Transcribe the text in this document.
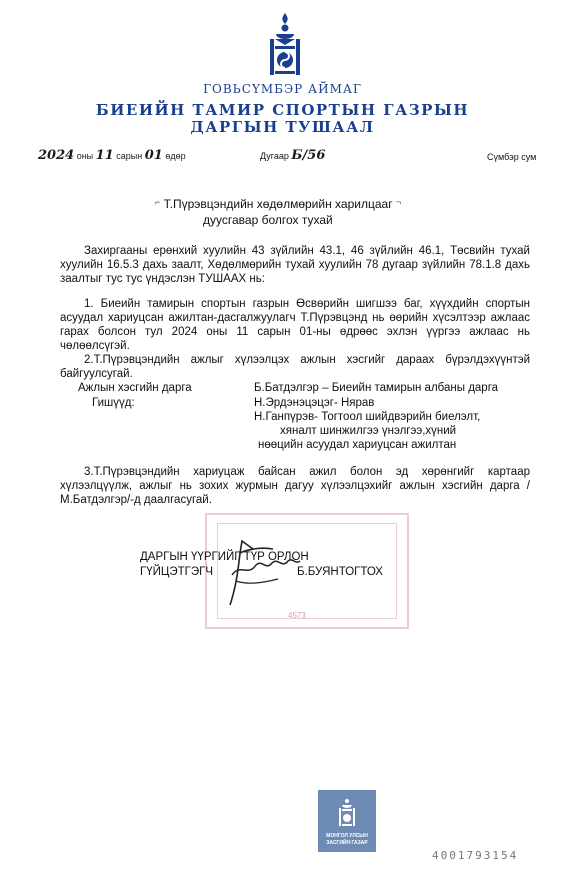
ГОВЬСҮМБЭР АЙМАГ
БИЕИЙН ТАМИР СПОРТЫН ГАЗРЫН
ДАРГЫН ТУШААЛ
2024 оны 11 сарын 01 өдөр	Дугаар Б/56	Сүмбэр сум
⌐ Т.Пүрэвцэндийн хөдөлмөрийн харилцааг ¬
дуусгавар болгох тухай
Захиргааны ерөнхий хуулийн 43 зүйлийн 43.1, 46 зүйлийн 46.1, Төсвийн тухай хуулийн 16.5.3 дахь заалт, Хөдөлмөрийн тухай хуулийн 78 дугаар зүйлийн 78.1.8 дахь заалтыг тус тус үндэслэн ТУШААХ нь:
1. Биеийн тамирын спортын газрын Өсвөрийн шигшээ баг, хүүхдийн спортын асуудал хариуцсан ажилтан-дасгалжуулагч Т.Пүрэвцэнд нь өөрийн хүсэлтээр ажлаас гарах болсон тул 2024 оны 11 сарын 01-ны өдрөөс эхлэн үүргээ ажлаас нь чөлөөлсүгэй.
2.Т.Пүрэвцэндийн ажлыг хүлээлцэх ажлын хэсгийг дараах бүрэлдэхүүнтэй байгуулсугай.
Ажлын хэсгийн дарга	Б.Батдэлгэр – Биеийн тамирын албаны дарга
Гишүүд:	Н.Эрдэнэцэцэг- Нярав
Н.Ганпүрэв- Тогтоол шийдвэрийн биелэлт,
хяналт шинжилгээ үнэлгээ,хүний
нөөцийн асуудал хариуцсан ажилтан
3.Т.Пүрэвцэндийн хариуцаж байсан ажил болон эд хөрөнгийг картаар хүлээлцүүлж, ажлыг нь зохих журмын дагуу хүлээлцэхийг ажлын хэсгийн дарга /М.Батдэлгэр/-д даалгасугай.
4573
ДАРГЫН ҮҮРГИЙГ ТҮР ОРЛОН
ГҮЙЦЭТГЭГЧ	Б.БУЯНТОГТОХ
МОНГОЛ УЛСЫН
ЗАСГИЙН ГАЗАР
4001793154
